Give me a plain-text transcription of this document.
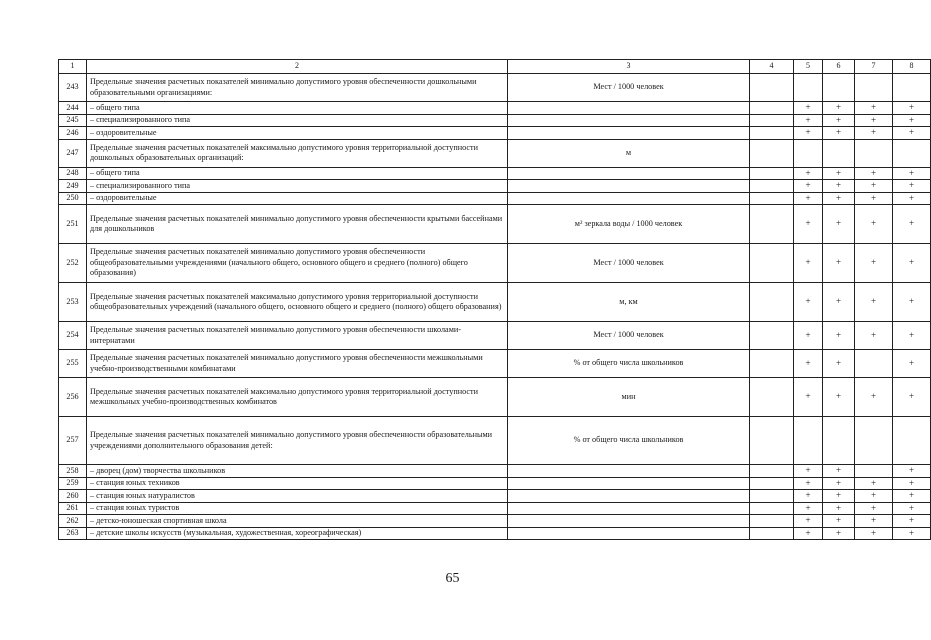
1	2	3	4	5	6	7	8
243	Предельные значения расчетных показателей минимально допустимого уровня обеспеченности дошкольными образовательными организациями:	Мест / 1000 человек					
244	– общего типа			+	+	+	+
245	– специализированного типа			+	+	+	+
246	– оздоровительные			+	+	+	+
247	Предельные значения расчетных показателей максимально допустимого уровня территориальной доступности дошкольных образовательных организаций:	м					
248	– общего типа			+	+	+	+
249	– специализированного типа			+	+	+	+
250	– оздоровительные			+	+	+	+
251	Предельные значения расчетных показателей минимально допустимого уровня обеспеченности крытыми бассейнами для дошкольников	м² зеркала воды / 1000 человек		+	+	+	+
252	Предельные значения расчетных показателей минимально допустимого уровня обеспеченности общеобразовательными учреждениями (начального общего, основного общего и среднего (полного) общего образования)	Мест / 1000 человек		+	+	+	+
253	Предельные значения расчетных показателей максимально допустимого уровня территориальной доступности общеобразовательных учреждений (начального общего, основного общего и среднего (полного) общего образования)	м, км		+	+	+	+
254	Предельные значения расчетных показателей минимально допустимого уровня обеспеченности школами-интернатами	Мест / 1000 человек		+	+	+	+
255	Предельные значения расчетных показателей минимально допустимого уровня обеспеченности межшкольными учебно-производственными комбинатами	% от общего числа школьников		+	+		+
256	Предельные значения расчетных показателей максимально допустимого уровня территориальной доступности межшкольных учебно-производственных комбинатов	мин		+	+	+	+
257	Предельные значения расчетных показателей минимально допустимого уровня обеспеченности образовательными учреждениями дополнительного образования детей:	% от общего числа школьников					
258	– дворец (дом) творчества школьников			+	+		+
259	– станция юных техников			+	+	+	+
260	– станция юных натуралистов			+	+	+	+
261	– станция юных туристов			+	+	+	+
262	– детско-юношеская спортивная школа			+	+	+	+
263	– детские школы искусств (музыкальная, художественная, хореографическая)			+	+	+	+
65
